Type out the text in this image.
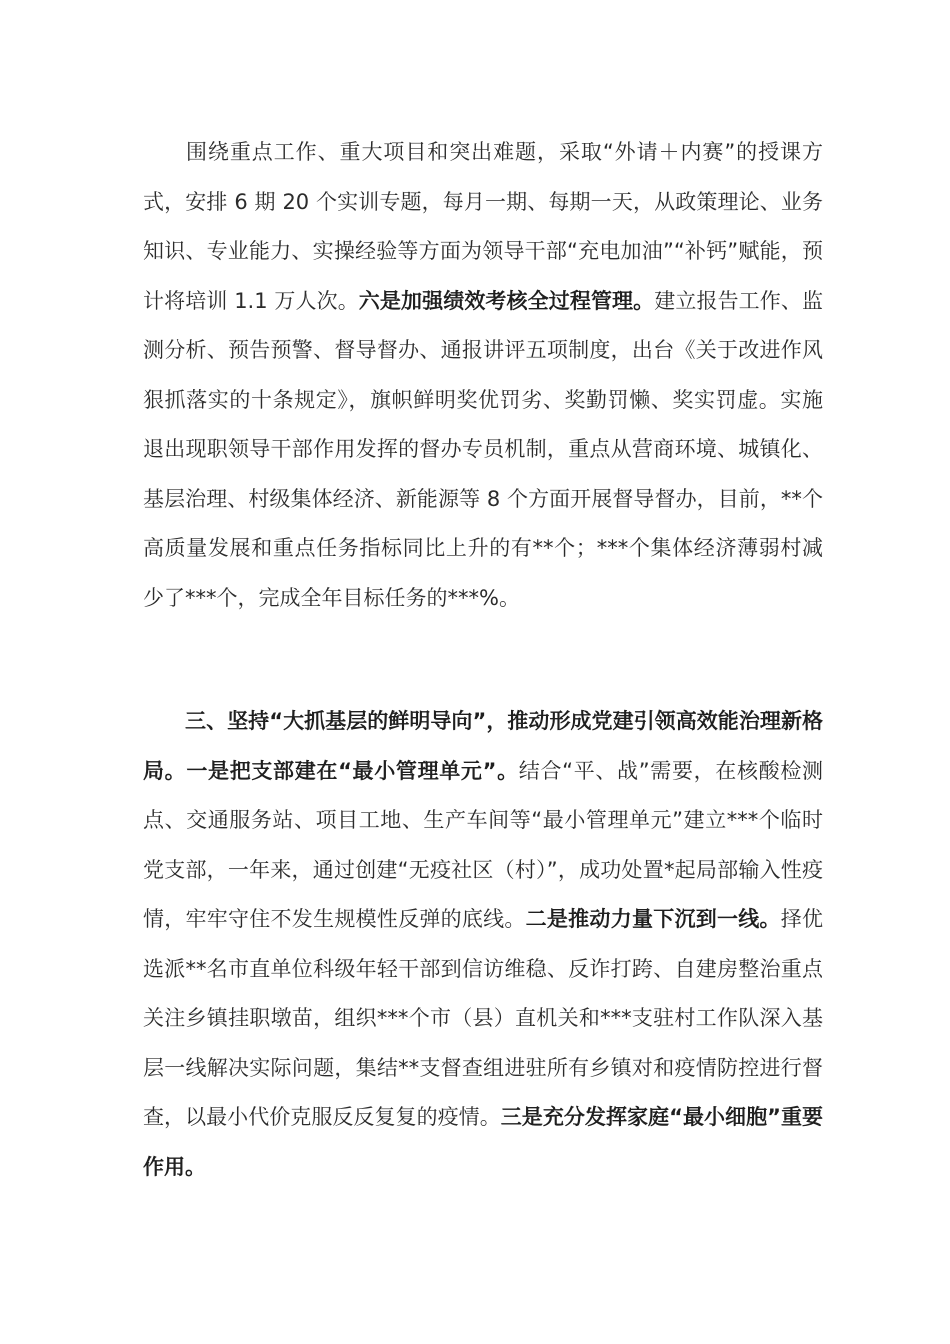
围绕重点工作、重大项目和突出难题，采取“外请＋内赛”的授课方式，安排 6 期 20 个实训专题，每月一期、每期一天，从政策理论、业务知识、专业能力、实操经验等方面为领导干部“充电加油”“补钙”赋能，预计将培训 1.1 万人次。六是加强绩效考核全过程管理。建立报告工作、监测分析、预告预警、督导督办、通报讲评五项制度，出台《关于改进作风狠抓落实的十条规定》，旗帜鲜明奖优罚劣、奖勤罚懒、奖实罚虚。实施退出现职领导干部作用发挥的督办专员机制，重点从营商环境、城镇化、基层治理、村级集体经济、新能源等 8 个方面开展督导督办，目前，**个高质量发展和重点任务指标同比上升的有**个；***个集体经济薄弱村减少了***个，完成全年目标任务的***%。

三、坚持“大抓基层的鲜明导向”，推动形成党建引领高效能治理新格局。一是把支部建在“最小管理单元”。结合“平、战”需要，在核酸检测点、交通服务站、项目工地、生产车间等“最小管理单元”建立***个临时党支部，一年来，通过创建“无疫社区（村）”，成功处置*起局部输入性疫情，牢牢守住不发生规模性反弹的底线。二是推动力量下沉到一线。择优选派**名市直单位科级年轻干部到信访维稳、反诈打跨、自建房整治重点关注乡镇挂职墩苗，组织***个市（县）直机关和***支驻村工作队深入基层一线解决实际问题，集结**支督查组进驻所有乡镇对和疫情防控进行督查，以最小代价克服反反复复的疫情。三是充分发挥家庭“最小细胞”重要作用。
